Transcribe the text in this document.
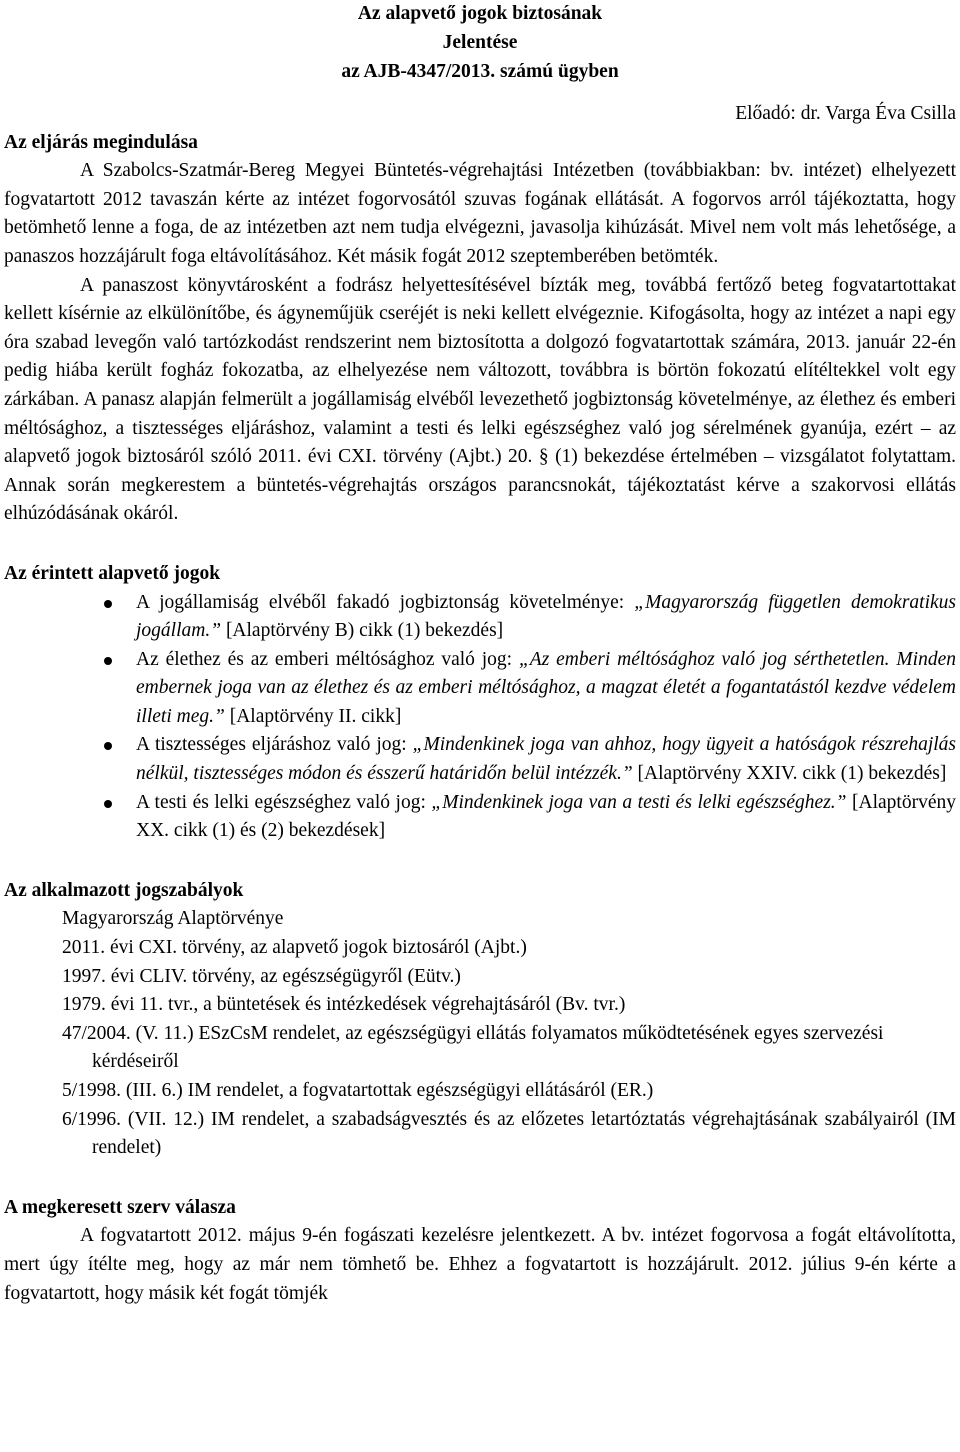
Az alapvető jogok biztosának
Jelentése
az AJB-4347/2013. számú ügyben
Előadó: dr. Varga Éva Csilla
Az eljárás megindulása

A Szabolcs-Szatmár-Bereg Megyei Büntetés-végrehajtási Intézetben (továbbiakban: bv. intézet) elhelyezett fogvatartott 2012 tavaszán kérte az intézet fogorvosától szuvas fogának ellátását. A fogorvos arról tájékoztatta, hogy betömhető lenne a foga, de az intézetben azt nem tudja elvégezni, javasolja kihúzását. Mivel nem volt más lehetősége, a panaszos hozzájárult foga eltávolításához. Két másik fogát 2012 szeptemberében betömték.

A panaszost könyvtárosként a fodrász helyettesítésével bízták meg, továbbá fertőző beteg fogvatartottakat kellett kísérnie az elkülönítőbe, és ágyneműjük cseréjét is neki kellett elvégeznie. Kifogásolta, hogy az intézet a napi egy óra szabad levegőn való tartózkodást rendszerint nem biztosította a dolgozó fogvatartottak számára, 2013. január 22-én pedig hiába került fogház fokozatba, az elhelyezése nem változott, továbbra is börtön fokozatú elítéltekkel volt egy zárkában. A panasz alapján felmerült a jogállamiság elvéből levezethető jogbiztonság követelménye, az élethez és emberi méltósághoz, a tisztességes eljáráshoz, valamint a testi és lelki egészséghez való jog sérelmének gyanúja, ezért – az alapvető jogok biztosáról szóló 2011. évi CXI. törvény (Ajbt.) 20. § (1) bekezdése értelmében – vizsgálatot folytattam. Annak során megkerestem a büntetés-végrehajtás országos parancsnokát, tájékoztatást kérve a szakorvosi ellátás elhúzódásának okáról.

Az érintett alapvető jogok
A jogállamiság elvéből fakadó jogbiztonság követelménye: „Magyarország független demokratikus jogállam.” [Alaptörvény B) cikk (1) bekezdés]
Az élethez és az emberi méltósághoz való jog: „Az emberi méltósághoz való jog sérthetetlen. Minden embernek joga van az élethez és az emberi méltósághoz, a magzat életét a fogantatástól kezdve védelem illeti meg.” [Alaptörvény II. cikk]
A tisztességes eljáráshoz való jog: „Mindenkinek joga van ahhoz, hogy ügyeit a hatóságok részrehajlás nélkül, tisztességes módon és ésszerű határidőn belül intézzék.” [Alaptörvény XXIV. cikk (1) bekezdés]
A testi és lelki egészséghez való jog: „Mindenkinek joga van a testi és lelki egészséghez.” [Alaptörvény XX. cikk (1) és (2) bekezdések]
Az alkalmazott jogszabályok
Magyarország Alaptörvénye
2011. évi CXI. törvény, az alapvető jogok biztosáról (Ajbt.)
1997. évi CLIV. törvény, az egészségügyről (Eütv.)
1979. évi 11. tvr., a büntetések és intézkedések végrehajtásáról (Bv. tvr.)
47/2004. (V. 11.) ESzCsM rendelet, az egészségügyi ellátás folyamatos működtetésének egyes szervezési kérdéseiről
5/1998. (III. 6.) IM rendelet, a fogvatartottak egészségügyi ellátásáról (ER.)
6/1996. (VII. 12.) IM rendelet, a szabadságvesztés és az előzetes letartóztatás végrehajtásának szabályairól (IM rendelet)
A megkeresett szerv válasza

A fogvatartott 2012. május 9-én fogászati kezelésre jelentkezett. A bv. intézet fogorvosa a fogát eltávolította, mert úgy ítélte meg, hogy az már nem tömhető be. Ehhez a fogvatartott is hozzájárult. 2012. július 9-én kérte a fogvatartott, hogy másik két fogát tömjék
